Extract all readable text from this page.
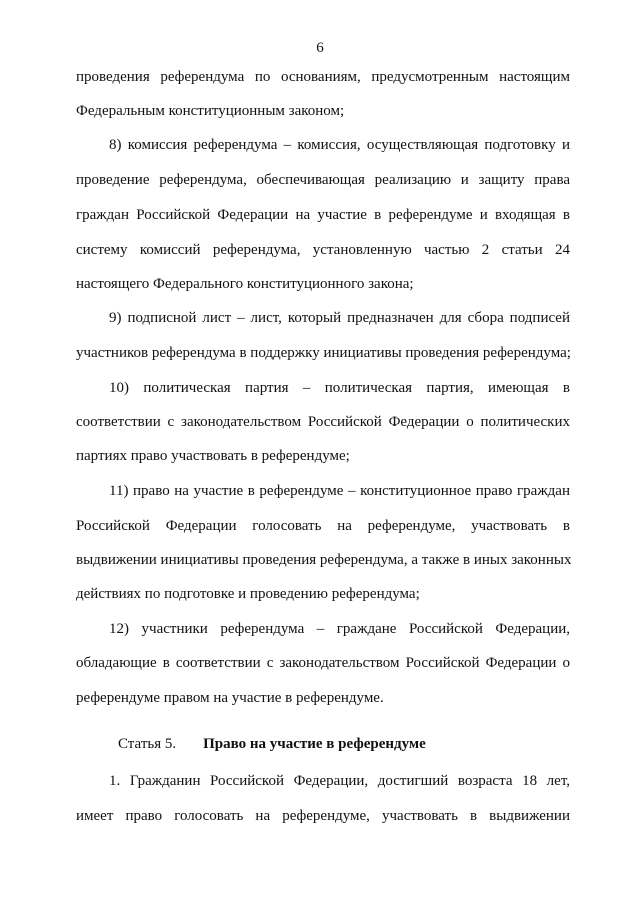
6
проведения референдума по основаниям, предусмотренным настоящим
Федеральным конституционным законом;
8) комиссия референдума – комиссия, осуществляющая подготовку и
проведение референдума, обеспечивающая реализацию и защиту права
граждан Российской Федерации на участие в референдуме и входящая в
систему комиссий референдума, установленную частью 2 статьи 24
настоящего Федерального конституционного закона;
9) подписной лист – лист, который предназначен для сбора подписей
участников референдума в поддержку инициативы проведения референдума;
10) политическая партия – политическая партия, имеющая в
соответствии с законодательством Российской Федерации о политических
партиях право участвовать в референдуме;
11) право на участие в референдуме – конституционное право граждан
Российской Федерации голосовать на референдуме, участвовать в
выдвижении инициативы проведения референдума, а также в иных законных
действиях по подготовке и проведению референдума;
12) участники референдума – граждане Российской Федерации,
обладающие в соответствии с законодательством Российской Федерации о
референдуме правом на участие в референдуме.
Статья 5. Право на участие в референдуме
1. Гражданин Российской Федерации, достигший возраста 18 лет,
имеет право голосовать на референдуме, участвовать в выдвижении
